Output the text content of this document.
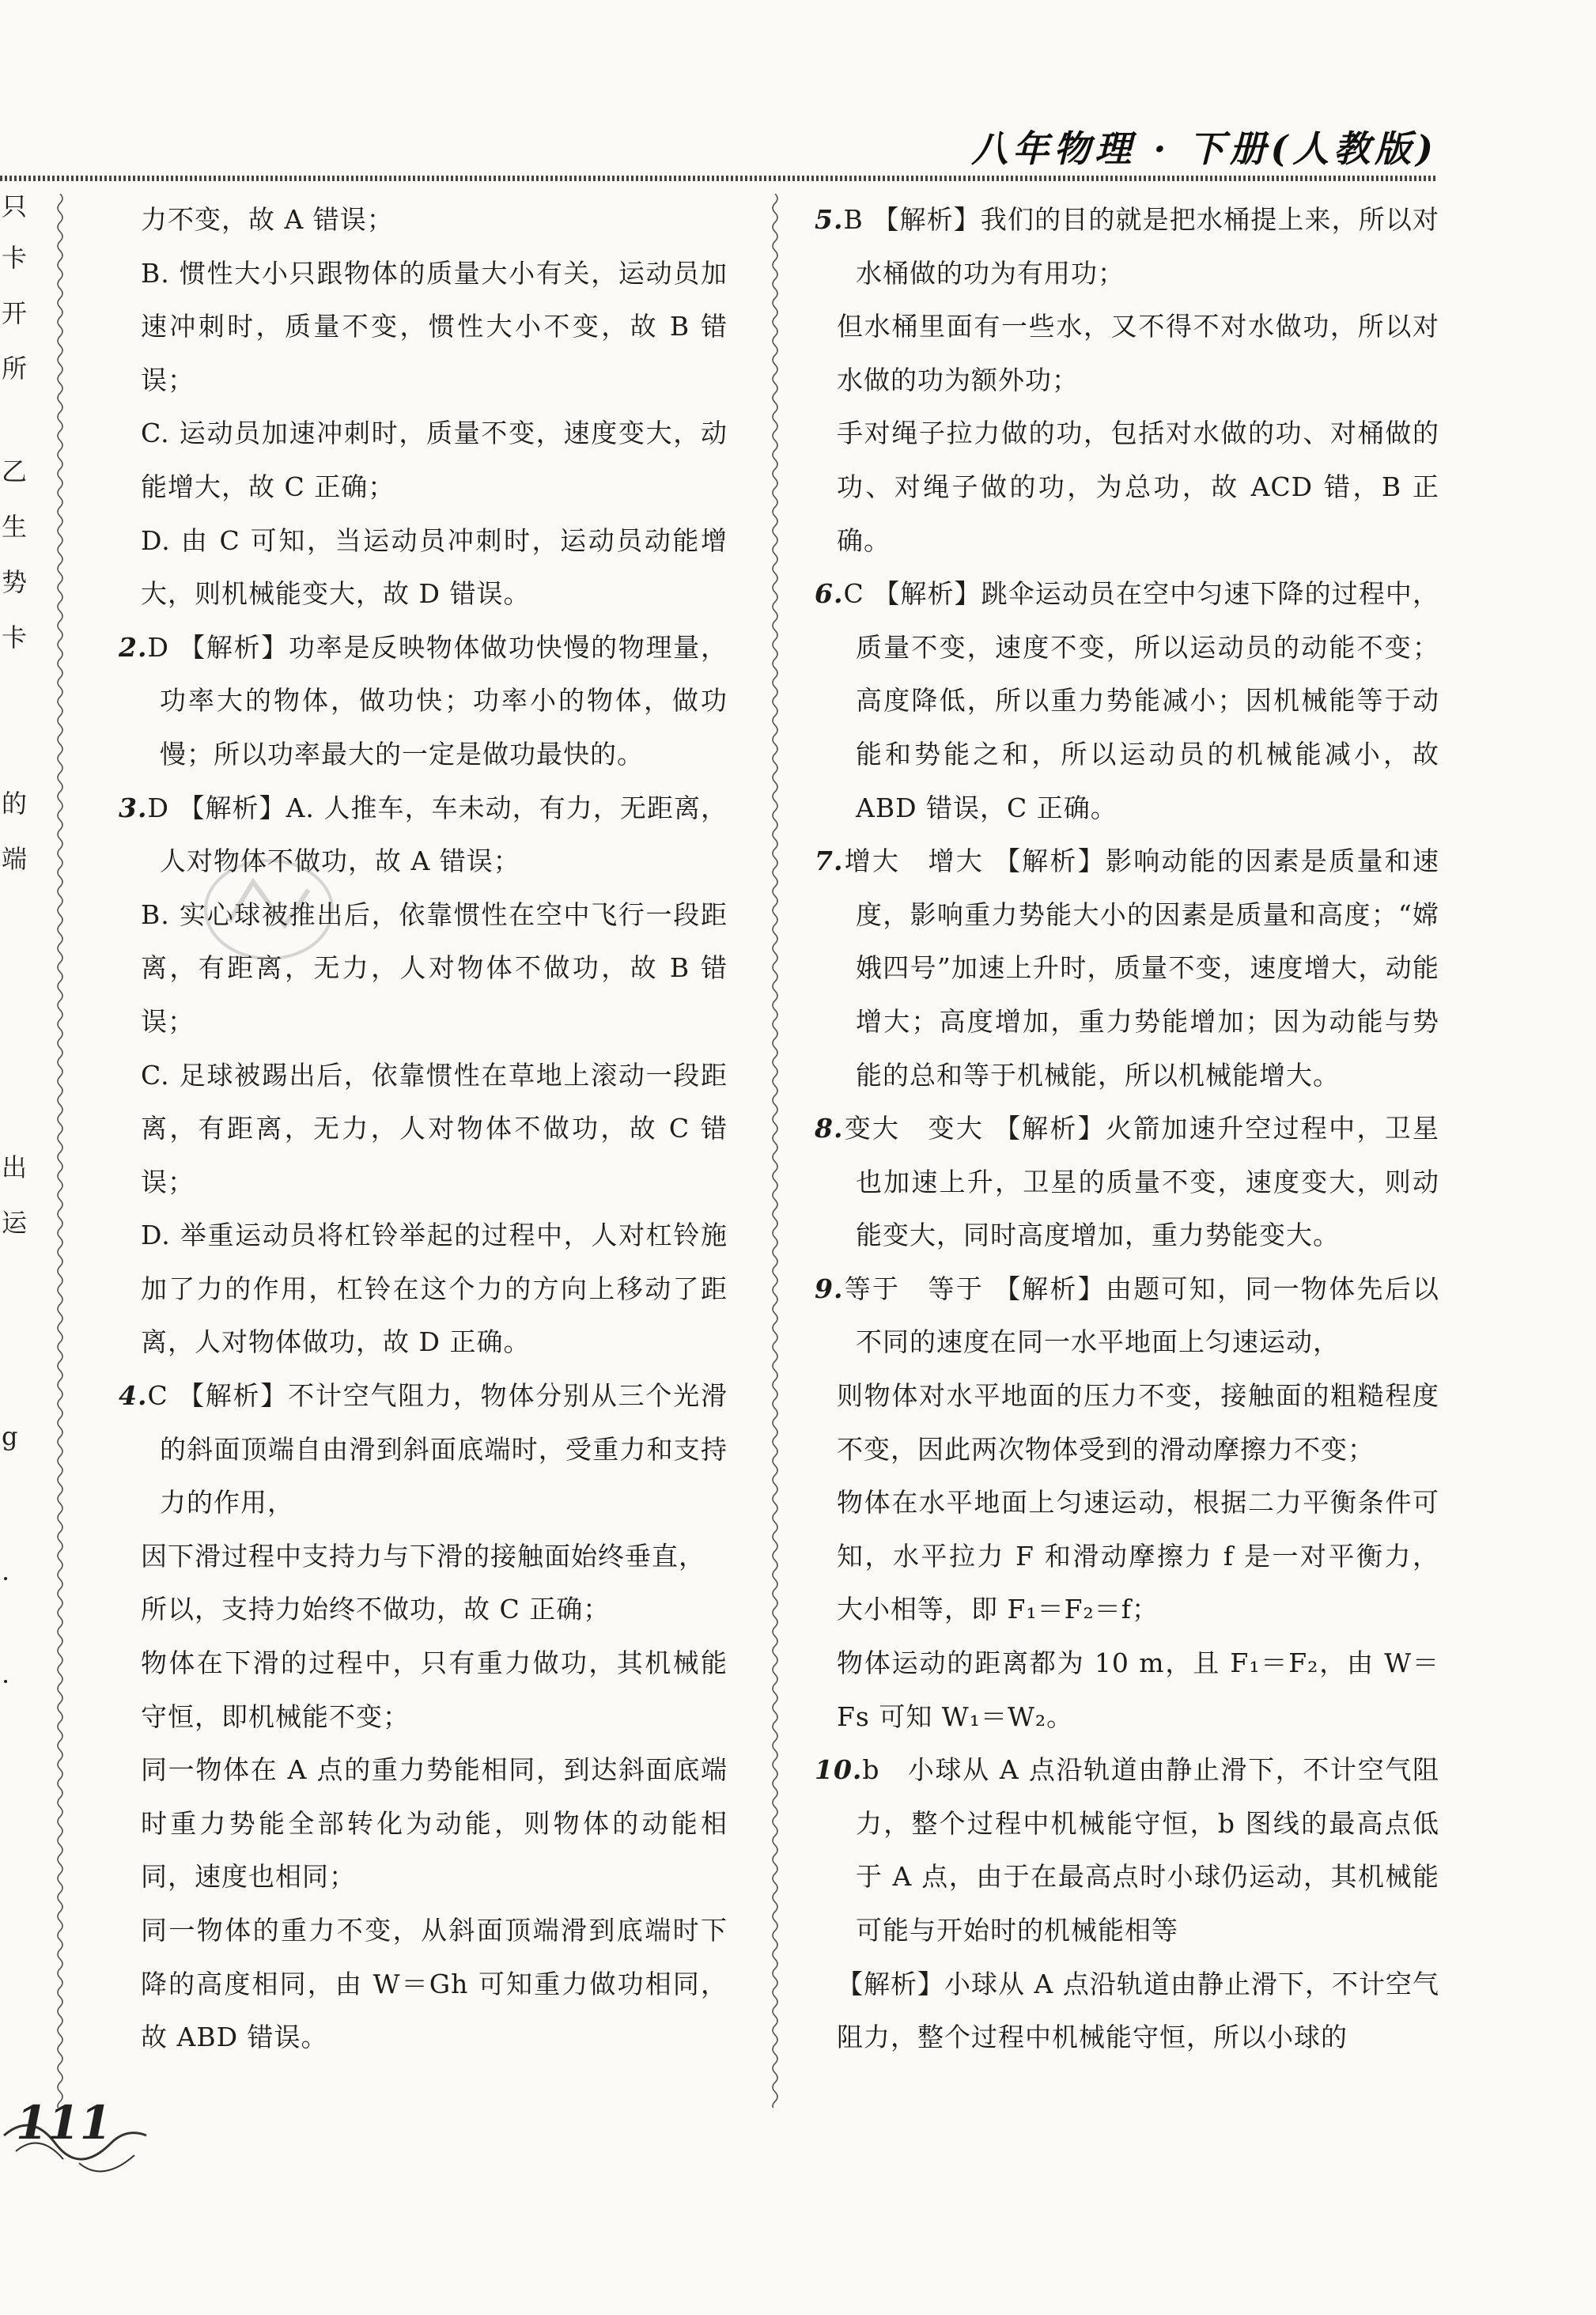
八年物理 · 下册(人教版)
只
卡
开
所
乙
生
势
卡
的
端
出
运
g
·
·
力不变，故 A 错误；
B. 惯性大小只跟物体的质量大小有关，运动员加速冲刺时，质量不变，惯性大小不变，故 B 错误；
C. 运动员加速冲刺时，质量不变，速度变大，动能增大，故 C 正确；
D. 由 C 可知，当运动员冲刺时，运动员动能增大，则机械能变大，故 D 错误。
2.D 【解析】功率是反映物体做功快慢的物理量，功率大的物体，做功快；功率小的物体，做功慢；所以功率最大的一定是做功最快的。
3.D 【解析】A. 人推车，车未动，有力，无距离，人对物体不做功，故 A 错误；
B. 实心球被推出后，依靠惯性在空中飞行一段距离，有距离，无力，人对物体不做功，故 B 错误；
C. 足球被踢出后，依靠惯性在草地上滚动一段距离，有距离，无力，人对物体不做功，故 C 错误；
D. 举重运动员将杠铃举起的过程中，人对杠铃施加了力的作用，杠铃在这个力的方向上移动了距离，人对物体做功，故 D 正确。
4.C 【解析】不计空气阻力，物体分别从三个光滑的斜面顶端自由滑到斜面底端时，受重力和支持力的作用，
因下滑过程中支持力与下滑的接触面始终垂直，
所以，支持力始终不做功，故 C 正确；
物体在下滑的过程中，只有重力做功，其机械能守恒，即机械能不变；
同一物体在 A 点的重力势能相同，到达斜面底端时重力势能全部转化为动能，则物体的动能相同，速度也相同；
同一物体的重力不变，从斜面顶端滑到底端时下降的高度相同，由 W＝Gh 可知重力做功相同，故 ABD 错误。
5.B 【解析】我们的目的就是把水桶提上来，所以对水桶做的功为有用功；
但水桶里面有一些水，又不得不对水做功，所以对水做的功为额外功；
手对绳子拉力做的功，包括对水做的功、对桶做的功、对绳子做的功，为总功，故 ACD 错，B 正确。
6.C 【解析】跳伞运动员在空中匀速下降的过程中，质量不变，速度不变，所以运动员的动能不变；高度降低，所以重力势能减小；因机械能等于动能和势能之和，所以运动员的机械能减小，故 ABD 错误，C 正确。
7.增大　增大 【解析】影响动能的因素是质量和速度，影响重力势能大小的因素是质量和高度；“嫦娥四号”加速上升时，质量不变，速度增大，动能增大；高度增加，重力势能增加；因为动能与势能的总和等于机械能，所以机械能增大。
8.变大　变大 【解析】火箭加速升空过程中，卫星也加速上升，卫星的质量不变，速度变大，则动能变大，同时高度增加，重力势能变大。
9.等于　等于 【解析】由题可知，同一物体先后以不同的速度在同一水平地面上匀速运动，
则物体对水平地面的压力不变，接触面的粗糙程度不变，因此两次物体受到的滑动摩擦力不变；
物体在水平地面上匀速运动，根据二力平衡条件可知，水平拉力 F 和滑动摩擦力 f 是一对平衡力，大小相等，即 F₁＝F₂＝f；
物体运动的距离都为 10 m，且 F₁＝F₂，由 W＝Fs 可知 W₁＝W₂。
10.b　小球从 A 点沿轨道由静止滑下，不计空气阻力，整个过程中机械能守恒，b 图线的最高点低于 A 点，由于在最高点时小球仍运动，其机械能可能与开始时的机械能相等
【解析】小球从 A 点沿轨道由静止滑下，不计空气阻力，整个过程中机械能守恒，所以小球的
111
